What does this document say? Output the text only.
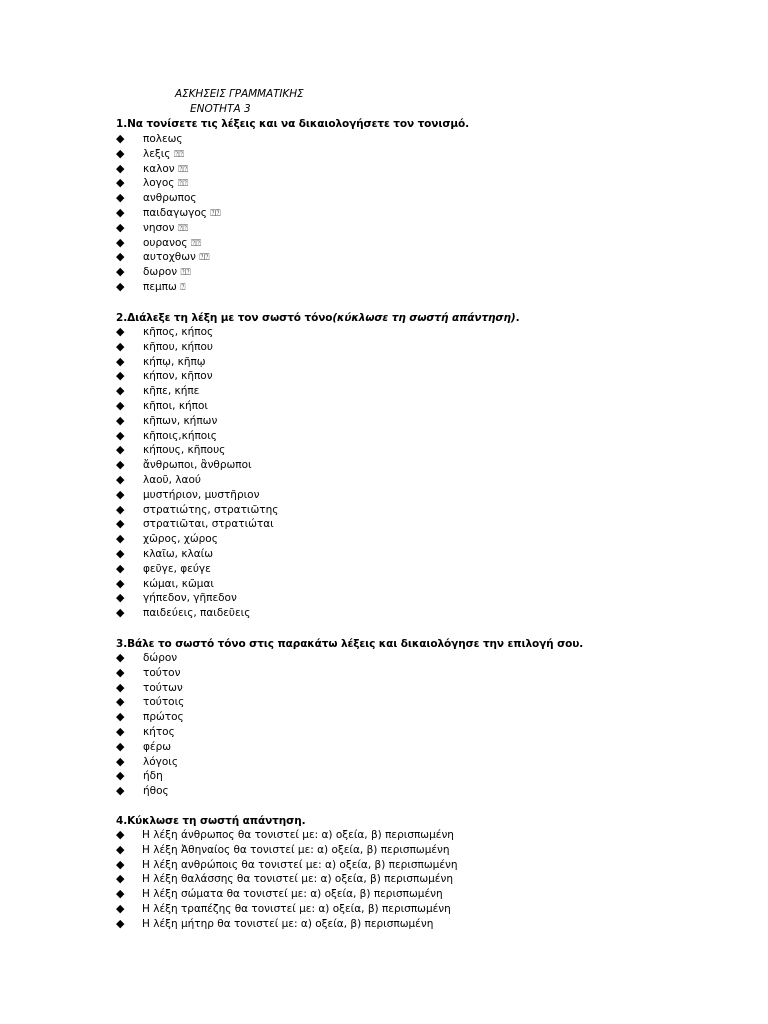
ΑΣΚΗΣΕΙΣ ΓΡΑΜΜΑΤΙΚΗΣ
ΕΝΟΤΗΤΑ 3
1.Να τονίσετε τις λέξεις και να δικαιολογήσετε τον τονισμό.
◆ πολεως
◆ λεξις ⍰⍰
◆ καλον ⍰⍰
◆ λογος ⍰⍰
◆ ανθρωπος
◆ παιδαγωγος ⍰⍰
◆ νησον ⍰⍰
◆ ουρανος ⍰⍰
◆ αυτοχθων ⍰⍰
◆ δωρον ⍰⍰
◆ πεμπω ⍰
2.Διάλεξε τη λέξη με τον σωστό τόνο(κύκλωσε τη σωστή απάντηση).
◆ κῆπος, κήπος
◆ κῆπου, κήπου
◆ κήπῳ, κῆπῳ
◆ κήπον, κῆπον
◆ κῆπε, κήπε
◆ κῆποι, κήποι
◆ κῆπων, κήπων
◆ κῆποις,κήποις
◆ κήπους, κῆπους
◆ ἄνθρωποι, ἂνθρωποι
◆ λαοῦ, λαού
◆ μυστήριον, μυστῆριον
◆ στρατιώτης, στρατιῶτης
◆ στρατιῶται, στρατιώται
◆ χῶρος, χώρος
◆ κλαῖω, κλαίω
◆ φεῦγε, φεύγε
◆ κώμαι, κῶμαι
◆ γήπεδον, γῆπεδον
◆ παιδεύεις, παιδεῦεις
3.Βάλε το σωστό τόνο στις παρακάτω λέξεις και δικαιολόγησε την επιλογή σου.
◆ δώρον
◆ τούτον
◆ τούτων
◆ τούτοις
◆ πρώτος
◆ κήτος
◆ φέρω
◆ λόγοις
◆ ήδη
◆ ήθος
4.Κύκλωσε τη σωστή απάντηση.
◆ Η λέξη άνθρωπος θα τονιστεί με: α) οξεία, β) περισπωμένη
◆ Η λέξη Ἀθηναίος θα τονιστεί με: α) οξεία, β) περισπωμένη
◆ Η λέξη ανθρώποις θα τονιστεί με: α) οξεία, β) περισπωμένη
◆ Η λέξη θαλάσσης θα τονιστεί με: α) οξεία, β) περισπωμένη
◆ Η λέξη σώματα θα τονιστεί με: α) οξεία, β) περισπωμένη
◆ Η λέξη τραπέζης θα τονιστεί με: α) οξεία, β) περισπωμένη
◆ Η λέξη μήτηρ θα τονιστεί με: α) οξεία, β) περισπωμένη
